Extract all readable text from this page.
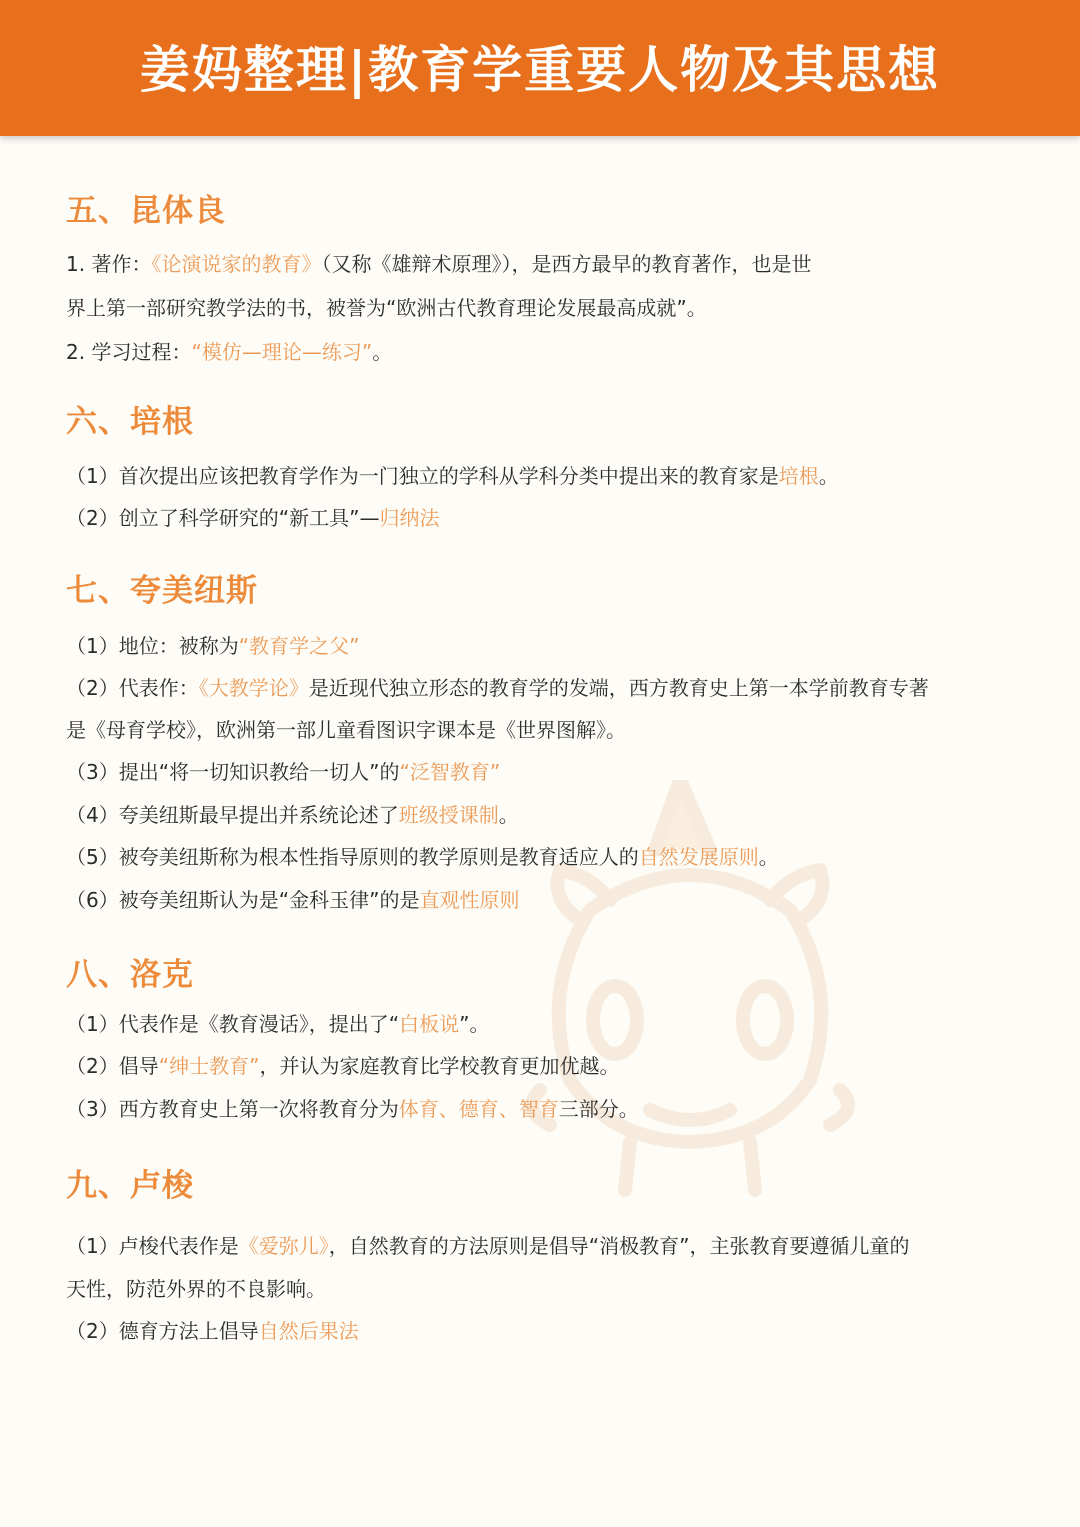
姜妈整理|教育学重要人物及其思想
五、昆体良
1. 著作：《论演说家的教育》（又称《雄辩术原理》），是西方最早的教育著作，也是世
界上第一部研究教学法的书，被誉为“欧洲古代教育理论发展最高成就”。
2. 学习过程：“模仿—理论—练习”。
六、培根
（1）首次提出应该把教育学作为一门独立的学科从学科分类中提出来的教育家是培根。
（2）创立了科学研究的“新工具”—归纳法
七、夸美纽斯
（1）地位：被称为“教育学之父”
（2）代表作：《大教学论》是近现代独立形态的教育学的发端，西方教育史上第一本学前教育专著
是《母育学校》，欧洲第一部儿童看图识字课本是《世界图解》。
（3）提出“将一切知识教给一切人”的“泛智教育”
（4）夸美纽斯最早提出并系统论述了班级授课制。
（5）被夸美纽斯称为根本性指导原则的教学原则是教育适应人的自然发展原则。
（6）被夸美纽斯认为是“金科玉律”的是直观性原则
八、洛克
（1）代表作是《教育漫话》，提出了“白板说”。
（2）倡导“绅士教育”，并认为家庭教育比学校教育更加优越。
（3）西方教育史上第一次将教育分为体育、德育、智育三部分。
九、卢梭
（1）卢梭代表作是《爱弥儿》，自然教育的方法原则是倡导“消极教育”，主张教育要遵循儿童的
天性，防范外界的不良影响。
（2）德育方法上倡导自然后果法
